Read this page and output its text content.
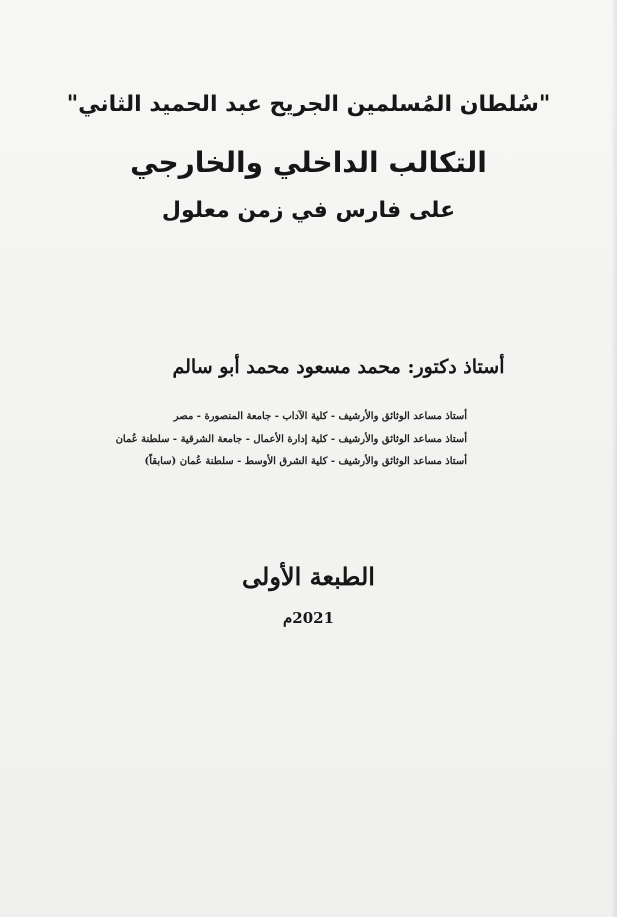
"سُلطان المُسلمين الجريح عبد الحميد الثاني"
التكالب الداخلي والخارجي
على فارس في زمن معلول
أستاذ دكتور: محمد مسعود محمد أبو سالم
أستاذ مساعد الوثائق والأرشيف - كلية الآداب - جامعة المنصورة - مصر
أستاذ مساعد الوثائق والأرشيف - كلية إدارة الأعمال - جامعة الشرقية - سلطنة عُمان
أستاذ مساعد الوثائق والأرشيف - كلية الشرق الأوسط - سلطنة عُمان (سابقاً)
الطبعة الأولى
2021م
